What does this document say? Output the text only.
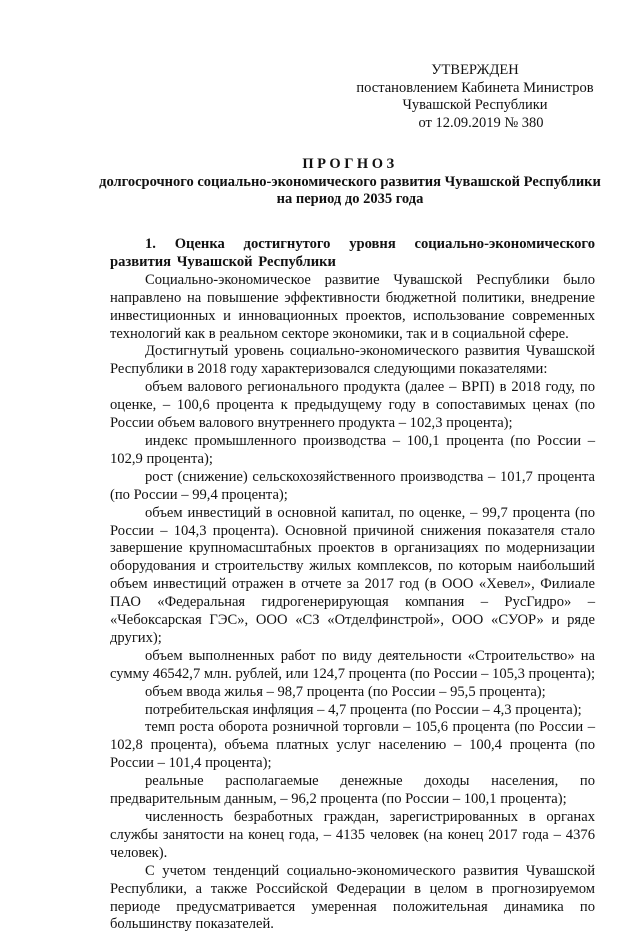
УТВЕРЖДЕН
постановлением Кабинета Министров
Чувашской Республики
от 12.09.2019 № 380
ПРОГНОЗ
долгосрочного социально-экономического развития Чувашской Республики
на период до 2035 года

1. Оценка достигнутого уровня социально-экономического развития Чувашской Республики

Социально-экономическое развитие Чувашской Республики было направлено на повышение эффективности бюджетной политики, внедрение инвестиционных и инновационных проектов, использование современных технологий как в реальном секторе экономики, так и в социальной сфере.

Достигнутый уровень социально-экономического развития Чувашской Республики в 2018 году характеризовался следующими показателями:

объем валового регионального продукта (далее – ВРП) в 2018 году, по оценке, – 100,6 процента к предыдущему году в сопоставимых ценах (по России объем валового внутреннего продукта – 102,3 процента);

индекс промышленного производства – 100,1 процента (по России – 102,9 процента);

рост (снижение) сельскохозяйственного производства – 101,7 процента (по России – 99,4 процента);

объем инвестиций в основной капитал, по оценке, – 99,7 процента (по России – 104,3 процента). Основной причиной снижения показателя стало завершение крупномасштабных проектов в организациях по модернизации оборудования и строительству жилых комплексов, по которым наибольший объем инвестиций отражен в отчете за 2017 год (в ООО «Хевел», Филиале ПАО «Федеральная гидрогенерирующая компания – РусГидро» – «Чебоксарская ГЭС», ООО «СЗ «Отделфинстрой», ООО «СУОР» и ряде других);

объем выполненных работ по виду деятельности «Строительство» на сумму 46542,7 млн. рублей, или 124,7 процента (по России – 105,3 процента);

объем ввода жилья – 98,7 процента (по России – 95,5 процента);

потребительская инфляция – 4,7 процента (по России – 4,3 процента);

темп роста оборота розничной торговли – 105,6 процента (по России – 102,8 процента), объема платных услуг населению – 100,4 процента (по России – 101,4 процента);

реальные располагаемые денежные доходы населения, по предварительным данным, – 96,2 процента (по России – 100,1 процента);

численность безработных граждан, зарегистрированных в органах службы занятости на конец года, – 4135 человек (на конец 2017 года – 4376 человек).

С учетом тенденций социально-экономического развития Чувашской Республики, а также Российской Федерации в целом в прогнозируемом периоде предусматривается умеренная положительная динамика по большинству показателей.
